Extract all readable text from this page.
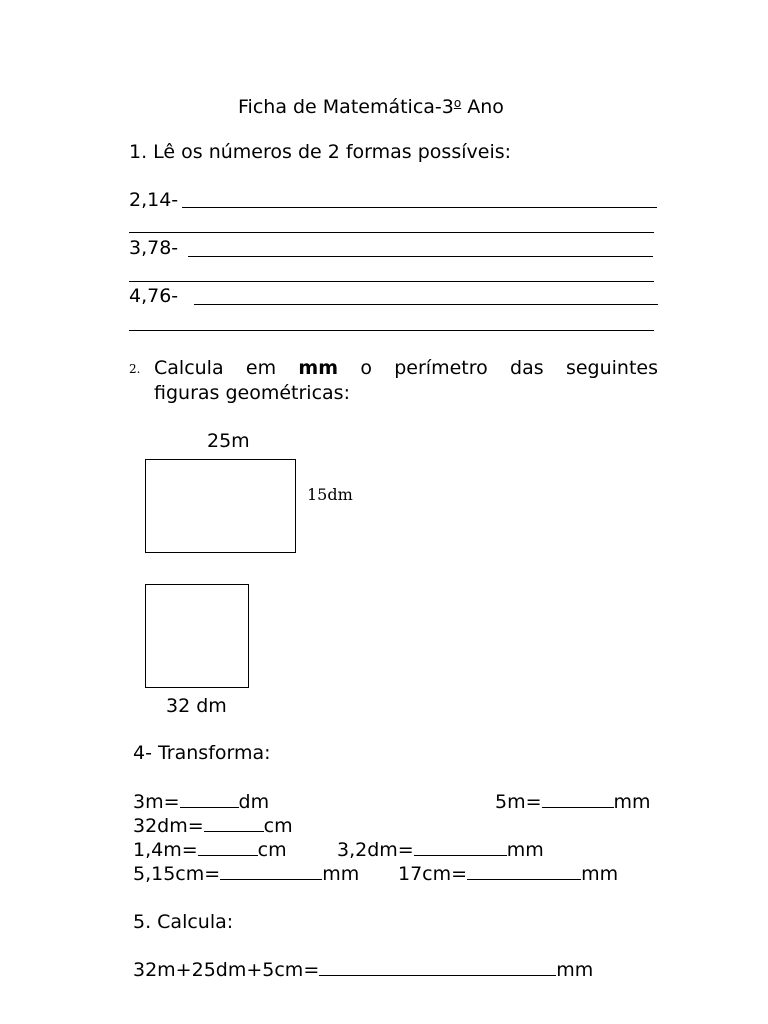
Ficha de Matemática-3$^o$ Ano
1. Lê os números de 2 formas possíveis:
2,14-
3,78-
4,76-
2. Calcula em mm o perímetro das seguintes
figuras geométricas:
25m
15dm
32 dm
4- Transforma:
3m=	dm	5m=	mm
32dm=	cm
1,4m=	cm	3,2dm=	mm
5,15cm=	mm 17cm=	mm
5. Calcula:
32m+25dm+5cm=	mm
